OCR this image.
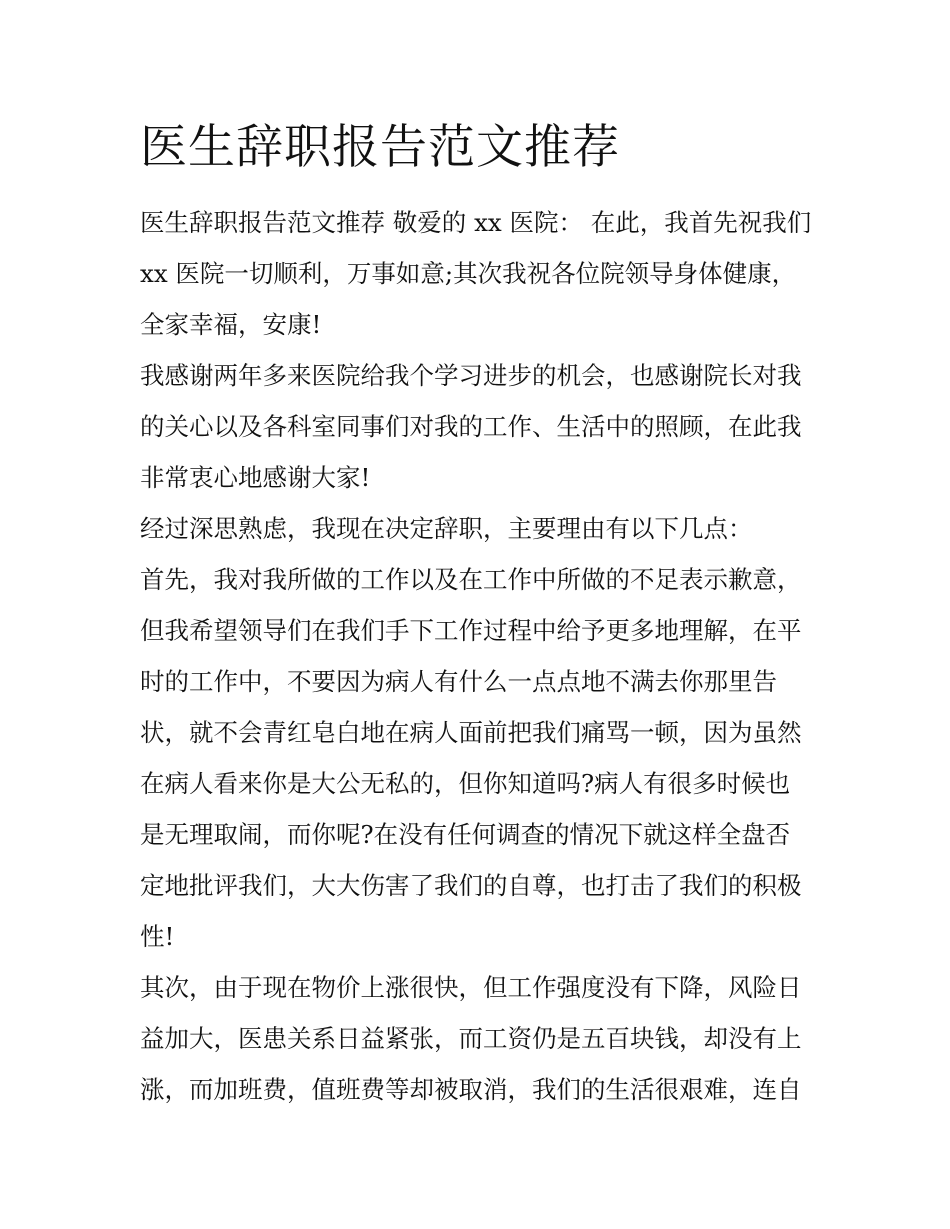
医生辞职报告范文推荐
医生辞职报告范文推荐 敬爱的 xx 医院： 在此，我首先祝我们
xx 医院一切顺利，万事如意;其次我祝各位院领导身体健康，
全家幸福，安康!
我感谢两年多来医院给我个学习进步的机会，也感谢院长对我
的关心以及各科室同事们对我的工作、生活中的照顾，在此我
非常衷心地感谢大家!
经过深思熟虑，我现在决定辞职，主要理由有以下几点：
首先，我对我所做的工作以及在工作中所做的不足表示歉意，
但我希望领导们在我们手下工作过程中给予更多地理解，在平
时的工作中，不要因为病人有什么一点点地不满去你那里告
状，就不会青红皂白地在病人面前把我们痛骂一顿，因为虽然
在病人看来你是大公无私的，但你知道吗?病人有很多时候也
是无理取闹，而你呢?在没有任何调查的情况下就这样全盘否
定地批评我们，大大伤害了我们的自尊，也打击了我们的积极
性!
其次，由于现在物价上涨很快，但工作强度没有下降，风险日
益加大，医患关系日益紧张，而工资仍是五百块钱，却没有上
涨，而加班费，值班费等却被取消，我们的生活很艰难，连自
